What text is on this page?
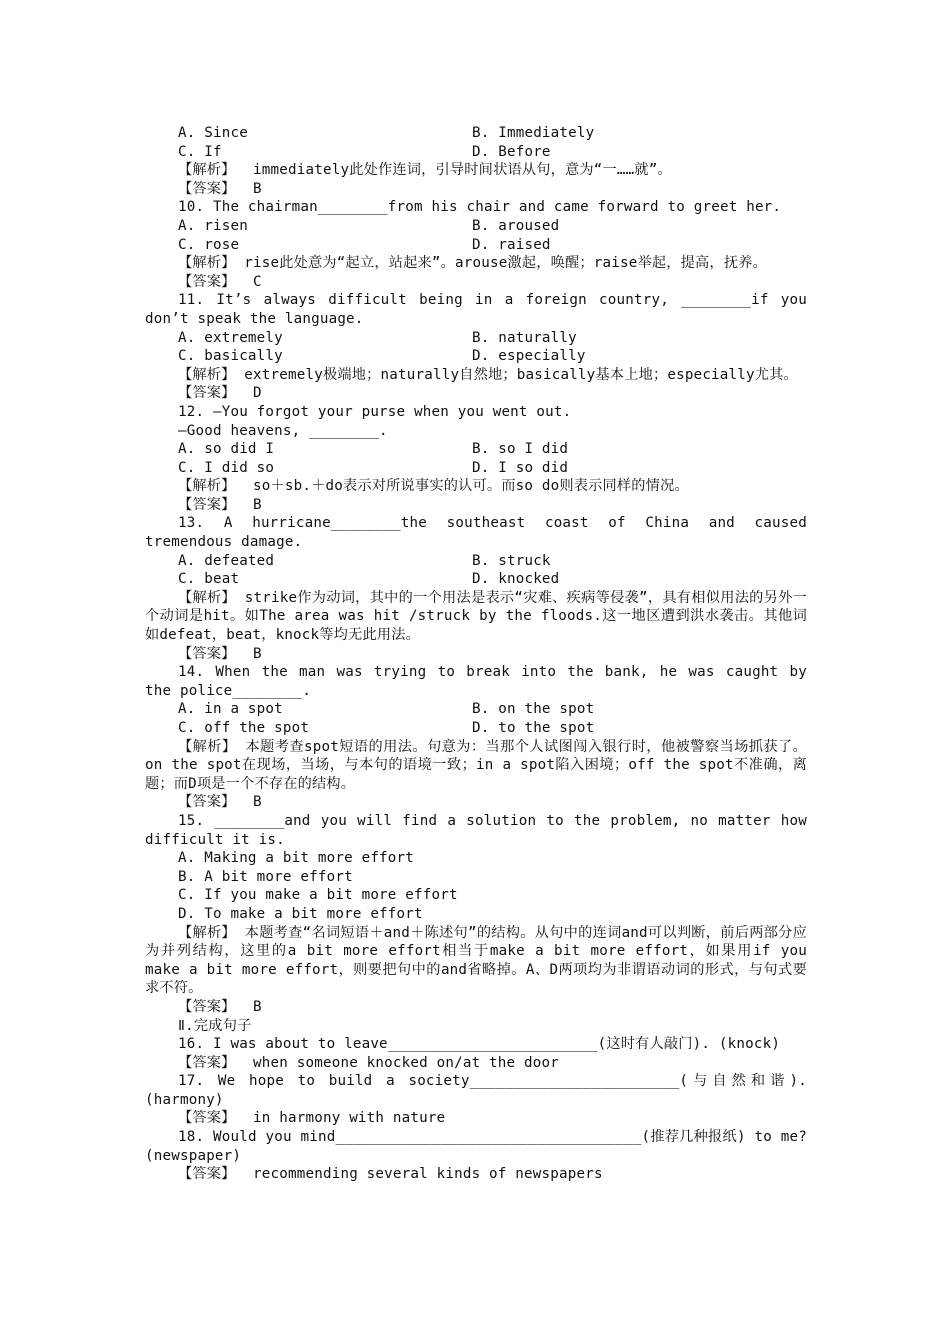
A. Since	B. Immediately
C. If	D. Before
【解析】  immediately此处作连词，引导时间状语从句，意为“一……就”。
【答案】  B
10. The chairman________from his chair and came forward to greet her.
A. risen	B. aroused
C. rose	D. raised
【解析】 rise此处意为“起立，站起来”。arouse激起，唤醒；raise举起，提高，抚养。
【答案】  C
11. It’s always difficult being in a foreign country, ________if you don’t speak the language.
A. extremely	B. naturally
C. basically	D. especially
【解析】 extremely极端地；naturally自然地；basically基本上地；especially尤其。
【答案】  D
12. —You forgot your purse when you went out.
—Good heavens, ________.
A. so did I	B. so I did
C. I did so	D. I so did
【解析】  so＋sb.＋do表示对所说事实的认可。而so do则表示同样的情况。
【答案】  B
13. A hurricane________the southeast coast of China and caused tremendous damage.
A. defeated	B. struck
C. beat	D. knocked
【解析】 strike作为动词，其中的一个用法是表示“灾难、疾病等侵袭”，具有相似用法的另外一个动词是hit。如The area was hit /struck by the floods.这一地区遭到洪水袭击。其他词如defeat，beat，knock等均无此用法。
【答案】  B
14. When the man was trying to break into the bank, he was caught by the police________.
A. in a spot	B. on the spot
C. off the spot	D. to the spot
【解析】 本题考查spot短语的用法。句意为：当那个人试图闯入银行时，他被警察当场抓获了。on the spot在现场，当场，与本句的语境一致；in a spot陷入困境；off the spot不准确，离题；而D项是一个不存在的结构。
【答案】  B
15. ________and you will find a solution to the problem, no matter how difficult it is.
A. Making a bit more effort
B. A bit more effort
C. If you make a bit more effort
D. To make a bit more effort
【解析】 本题考查“名词短语＋and＋陈述句”的结构。从句中的连词and可以判断，前后两部分应为并列结构，这里的a bit more effort相当于make a bit more effort，如果用if you make a bit more effort，则要把句中的and省略掉。A、D两项均为非谓语动词的形式，与句式要求不符。
【答案】  B
Ⅱ.完成句子
16. I was about to leave________________________(这时有人敲门). (knock)
【答案】  when someone knocked on/at the door
17. We hope to build a society________________________(与自然和谐). (harmony)
【答案】  in harmony with nature
18. Would you mind___________________________________(推荐几种报纸) to me? (newspaper)
【答案】  recommending several kinds of newspapers
